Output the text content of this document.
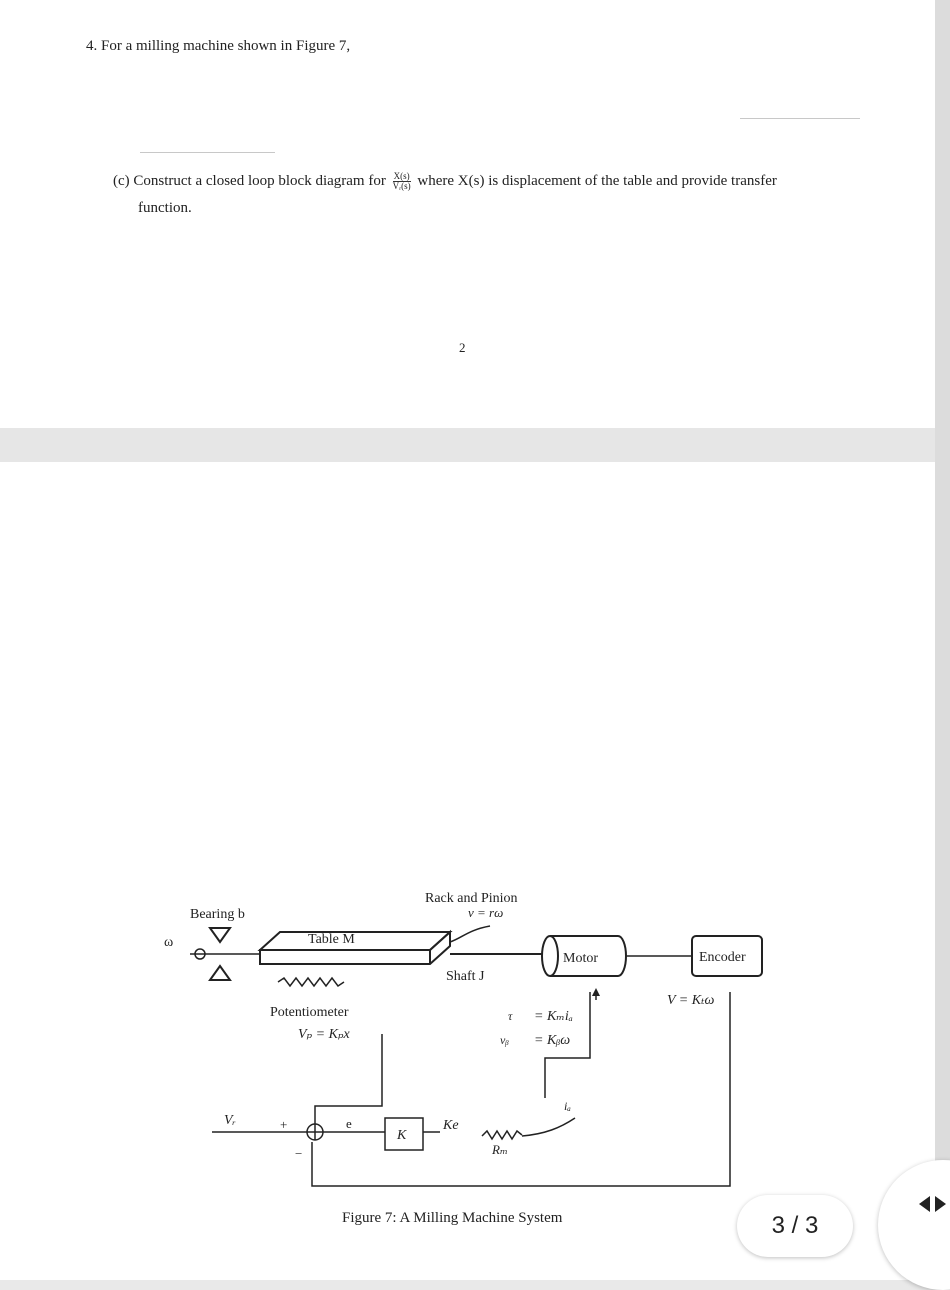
4. For a milling machine shown in Figure 7,
(c) Construct a closed loop block diagram for $\frac{X(s)}{\text{Vᵣ(s)}}$ where X(s) is displacement of the table and provide transfer
function.
2
ω
Bearing b
Table M
Rack and Pinion
v = rω
Shaft J
Motor	Encoder
V = Kₜω
Potentiometer
Vₚ = Kₚx
τ = Kₘiₐ
vᵦ = Kᵦω
iₐ
Vᵣ	+
−
e
K
Ke
Rₘ
Figure 7: A Milling Machine System	3 / 3
